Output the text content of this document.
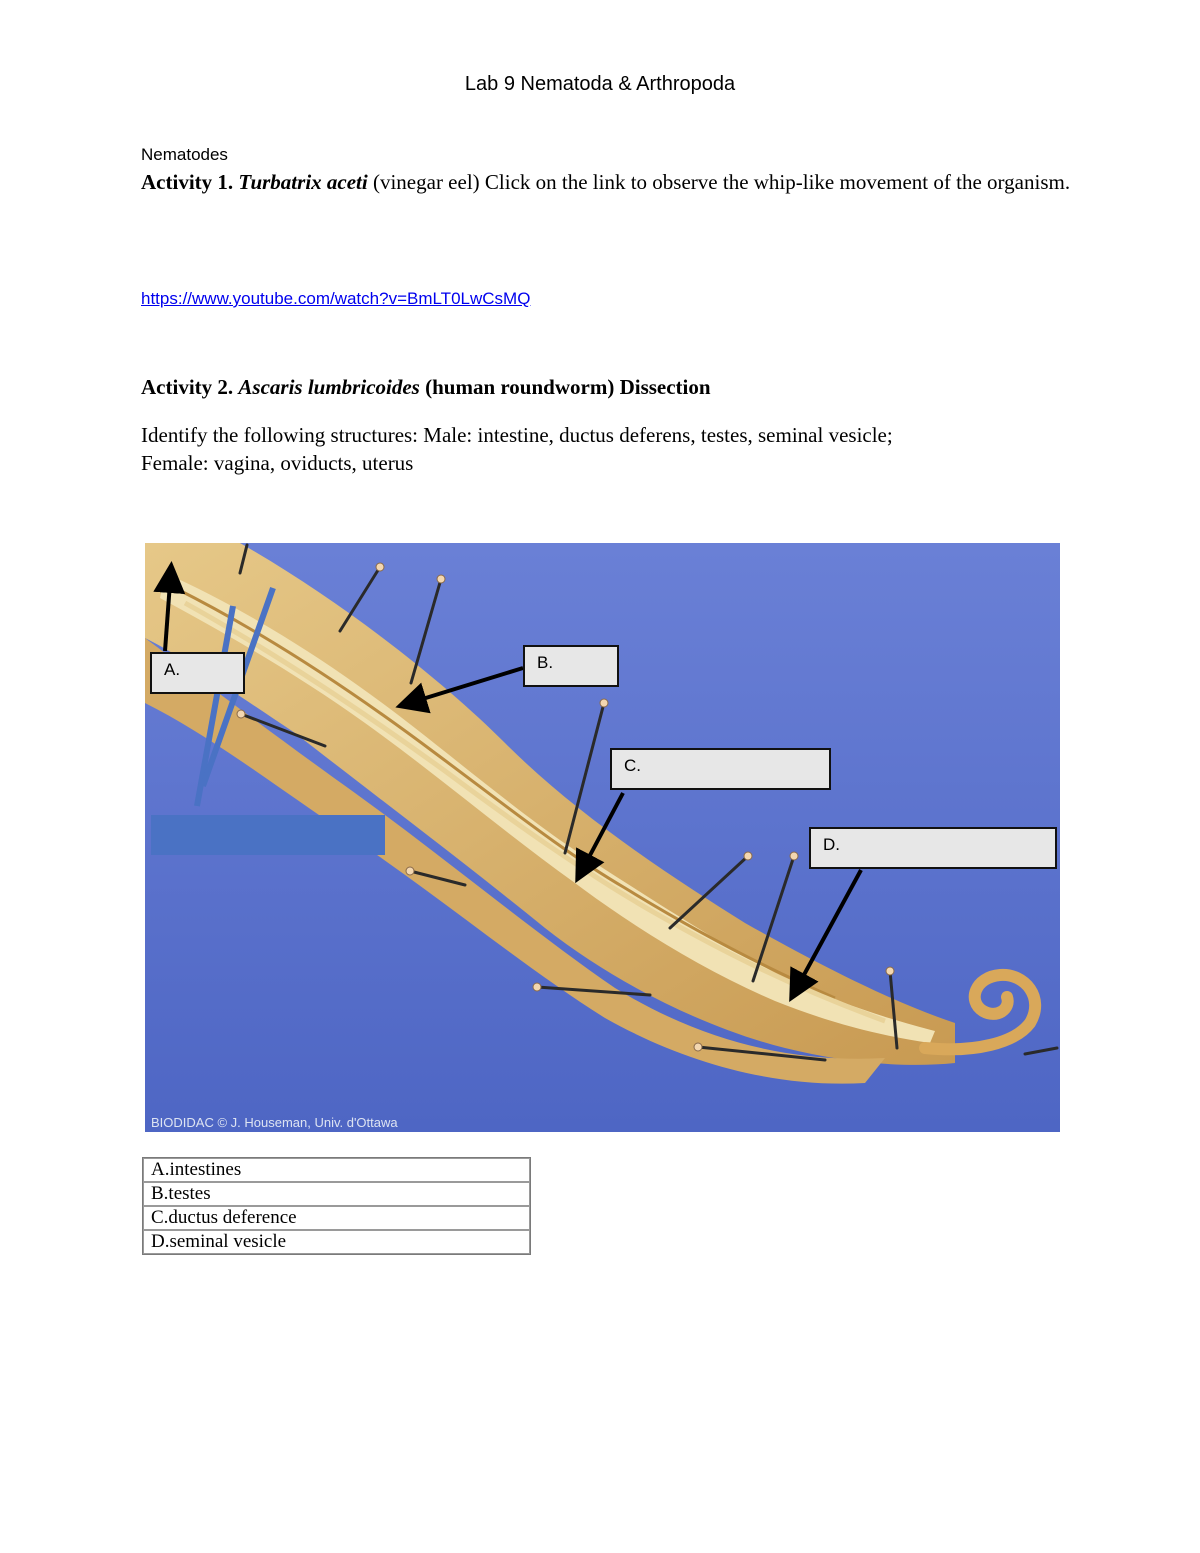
Lab 9 Nematoda & Arthropoda
Nematodes
Activity 1. Turbatrix aceti (vinegar eel) Click on the link to observe the whip-like movement of the organism.
https://www.youtube.com/watch?v=BmLT0LwCsMQ
Activity 2. Ascaris lumbricoides (human roundworm) Dissection
Identify the following structures: Male: intestine, ductus deferens, testes, seminal vesicle;
Female: vagina, oviducts, uterus
A.	B.
C.
D.
BIODIDAC © J. Houseman, Univ. d'Ottawa
A.intestines
B.testes
C.ductus deference
D.seminal vesicle
